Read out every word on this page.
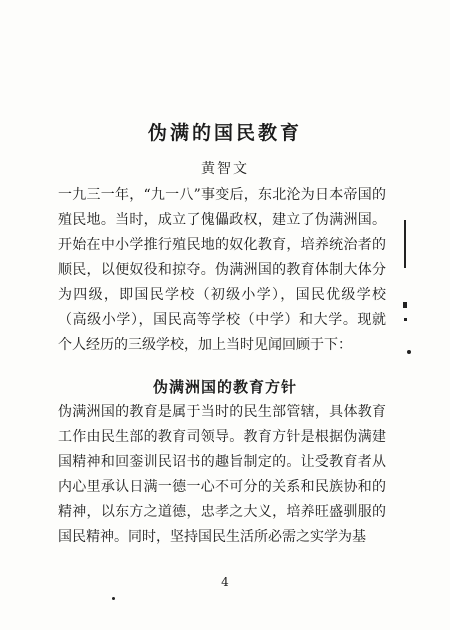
伪满的国民教育
黄智文

一九三一年，“九一八”事变后，东北沦为日本帝国的殖民地。当时，成立了傀儡政权，建立了伪满洲国。开始在中小学推行殖民地的奴化教育，培养统治者的顺民，以便奴役和掠夺。伪满洲国的教育体制大体分为四级，即国民学校（初级小学），国民优级学校（高级小学），国民高等学校（中学）和大学。现就个人经历的三级学校，加上当时见闻回顾于下：

伪满洲国的教育方针

伪满洲国的教育是属于当时的民生部管辖，具体教育工作由民生部的教育司领导。教育方针是根据伪满建国精神和回銮训民诏书的趣旨制定的。让受教育者从内心里承认日满一德一心不可分的关系和民族协和的精神，以东方之道德，忠孝之大义，培养旺盛驯服的国民精神。同时，坚持国民生活所必需之实学为基

4
